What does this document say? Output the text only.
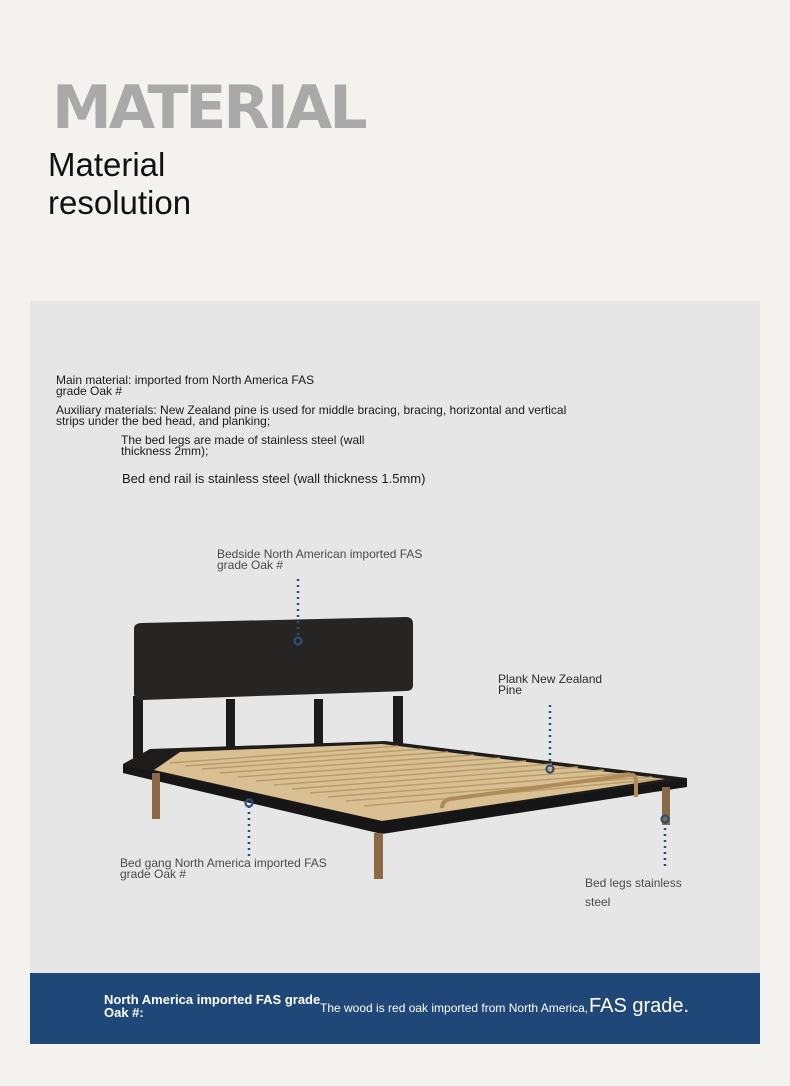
MATERIAL
Material
resolution

Main material: imported from North America FAS
grade Oak #

Auxiliary materials: New Zealand pine is used for middle bracing, bracing, horizontal and vertical
strips under the bed head, and planking;

The bed legs are made of stainless steel (wall
thickness 2mm);

Bed end rail is stainless steel (wall thickness 1.5mm)

Bedside North American imported FAS
grade Oak #

Plank New Zealand
Pine

Bed gang North America imported FAS
grade Oak #

Bed legs stainless
steel

North America imported FAS grade
Oak #:	The wood is red oak imported from North America, FAS grade.
